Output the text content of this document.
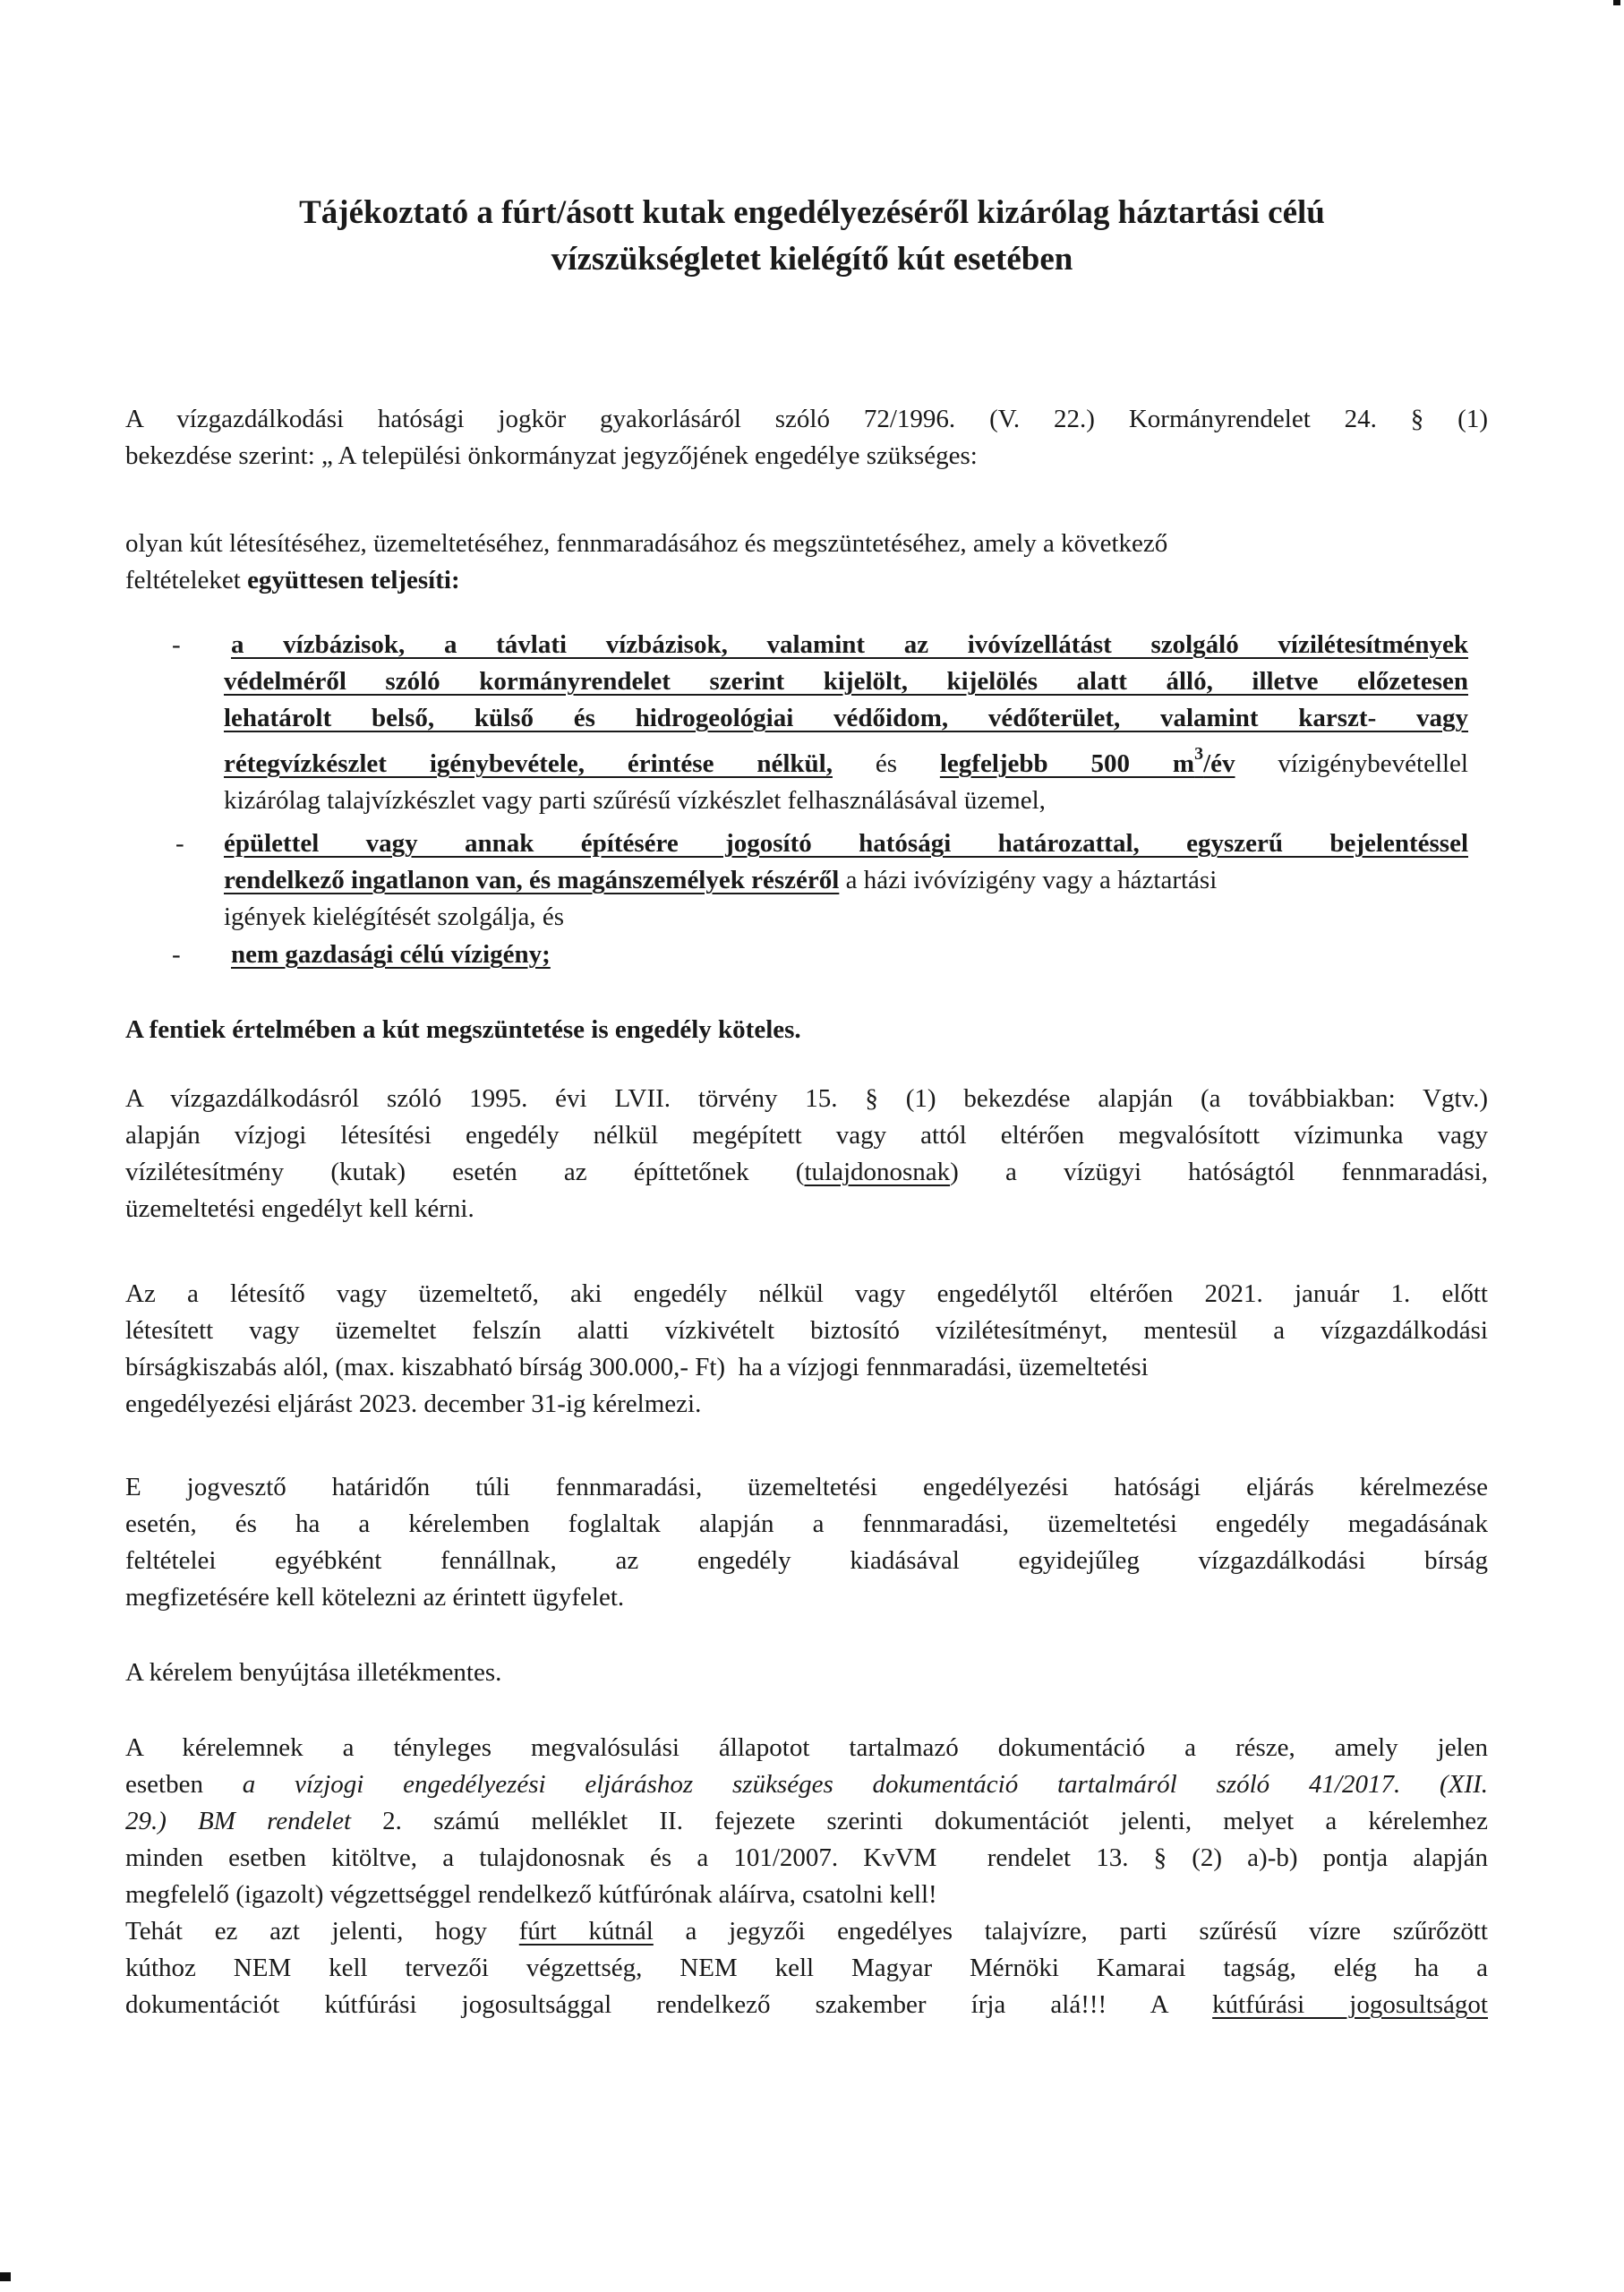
Tájékoztató a fúrt/ásott kutak engedélyezéséről kizárólag háztartási célú
vízszükségletet kielégítő kút esetében
A vízgazdálkodási hatósági jogkör gyakorlásáról szóló 72/1996. (V. 22.) Kormányrendelet 24. § (1)
bekezdése szerint: „ A települési önkormányzat jegyzőjének engedélye szükséges:
olyan kút létesítéséhez, üzemeltetéséhez, fennmaradásához és megszüntetéséhez, amely a következő
feltételeket együttesen teljesíti:
- a vízbázisok, a távlati vízbázisok, valamint az ivóvízellátást szolgáló vízilétesítmények
védelméről szóló kormányrendelet szerint kijelölt, kijelölés alatt álló, illetve előzetesen
lehatárolt belső, külső és hidrogeológiai védőidom, védőterület, valamint karszt- vagy
rétegvízkészlet igénybevétele, érintése nélkül, és legfeljebb 500 $m^3/év$ vízigénybevétellel
kizárólag talajvízkészlet vagy parti szűrésű vízkészlet felhasználásával üzemel,
- épülettel vagy annak építésére jogosító hatósági határozattal, egyszerű bejelentéssel
rendelkező ingatlanon van, és magánszemélyek részéről a házi ivóvízigény vagy a háztartási
igények kielégítését szolgálja, és
- nem gazdasági célú vízigény;
A fentiek értelmében a kút megszüntetése is engedély köteles.
A vízgazdálkodásról szóló 1995. évi LVII. törvény 15. § (1) bekezdése alapján (a továbbiakban: Vgtv.)
alapján vízjogi létesítési engedély nélkül megépített vagy attól eltérően megvalósított vízimunka vagy
vízilétesítmény (kutak) esetén az építtetőnek (tulajdonosnak) a vízügyi hatóságtól fennmaradási,
üzemeltetési engedélyt kell kérni.
Az a létesítő vagy üzemeltető, aki engedély nélkül vagy engedélytől eltérően 2021. január 1. előtt
létesített vagy üzemeltet felszín alatti vízkivételt biztosító vízilétesítményt, mentesül a vízgazdálkodási
bírságkiszabás alól, (max. kiszabható bírság 300.000,- Ft)  ha a vízjogi fennmaradási, üzemeltetési
engedélyezési eljárást 2023. december 31-ig kérelmezi.
E jogvesztő határidőn túli fennmaradási, üzemeltetési engedélyezési hatósági eljárás kérelmezése
esetén, és ha a kérelemben foglaltak alapján a fennmaradási, üzemeltetési engedély megadásának
feltételei egyébként fennállnak, az engedély kiadásával egyidejűleg vízgazdálkodási bírság
megfizetésére kell kötelezni az érintett ügyfelet.
A kérelem benyújtása illetékmentes.
A kérelemnek a tényleges megvalósulási állapotot tartalmazó dokumentáció a része, amely jelen
esetben a vízjogi engedélyezési eljáráshoz szükséges dokumentáció tartalmáról szóló 41/2017. (XII.
29.) BM rendelet 2. számú melléklet II. fejezete szerinti dokumentációt jelenti, melyet a kérelemhez
minden esetben kitöltve, a tulajdonosnak és a 101/2007. KvVM  rendelet 13. § (2) a)-b) pontja alapján
megfelelő (igazolt) végzettséggel rendelkező kútfúrónak aláírva, csatolni kell!
Tehát ez azt jelenti, hogy fúrt kútnál a jegyzői engedélyes talajvízre, parti szűrésű vízre szűrőzött
kúthoz NEM kell tervezői végzettség, NEM kell Magyar Mérnöki Kamarai tagság, elég ha a
dokumentációt kútfúrási jogosultsággal rendelkező szakember írja alá!!! A kútfúrási jogosultságot
